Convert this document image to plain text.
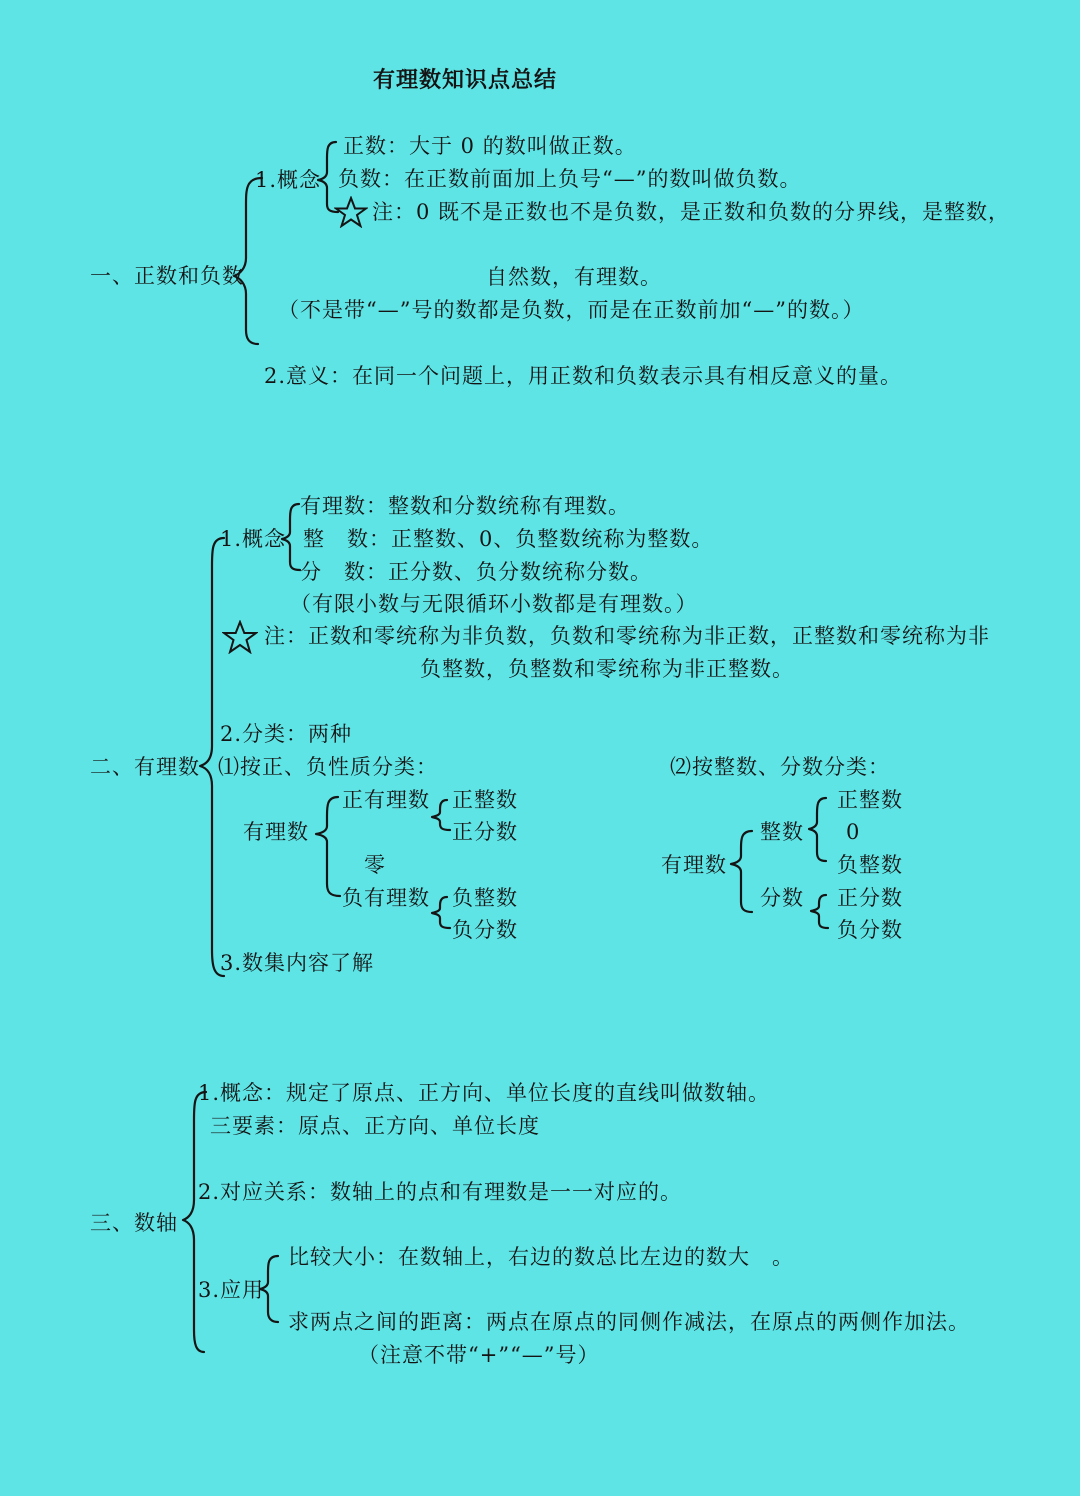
有理数知识点总结
一、正数和负数
1.概念
正数：大于 0 的数叫做正数。
负数：在正数前面加上负号“—”的数叫做负数。
注：0 既不是正数也不是负数，是正数和负数的分界线，是整数，
自然数，有理数。
（不是带“—”号的数都是负数，而是在正数前加“—”的数。）
2.意义：在同一个问题上，用正数和负数表示具有相反意义的量。
二、有理数
1.概念
有理数：整数和分数统称有理数。
整　数：正整数、0、负整数统称为整数。
分　数：正分数、负分数统称分数。
（有限小数与无限循环小数都是有理数。）
注：正数和零统称为非负数，负数和零统称为非正数，正整数和零统称为非
负整数，负整数和零统称为非正整数。
2.分类：两种
⑴按正、负性质分类：	⑵按整数、分数分类：
有理数
正有理数 正整数
正分数
零
负有理数 负整数
负分数
有理数
整数
正整数
0
负整数
分数 正分数
负分数
3.数集内容了解
三、数轴
1.概念：规定了原点、正方向、单位长度的直线叫做数轴。
三要素：原点、正方向、单位长度
2.对应关系：数轴上的点和有理数是一一对应的。
3.应用
比较大小：在数轴上，右边的数总比左边的数大　。
求两点之间的距离：两点在原点的同侧作减法，在原点的两侧作加法。
（注意不带“+”“—”号）
